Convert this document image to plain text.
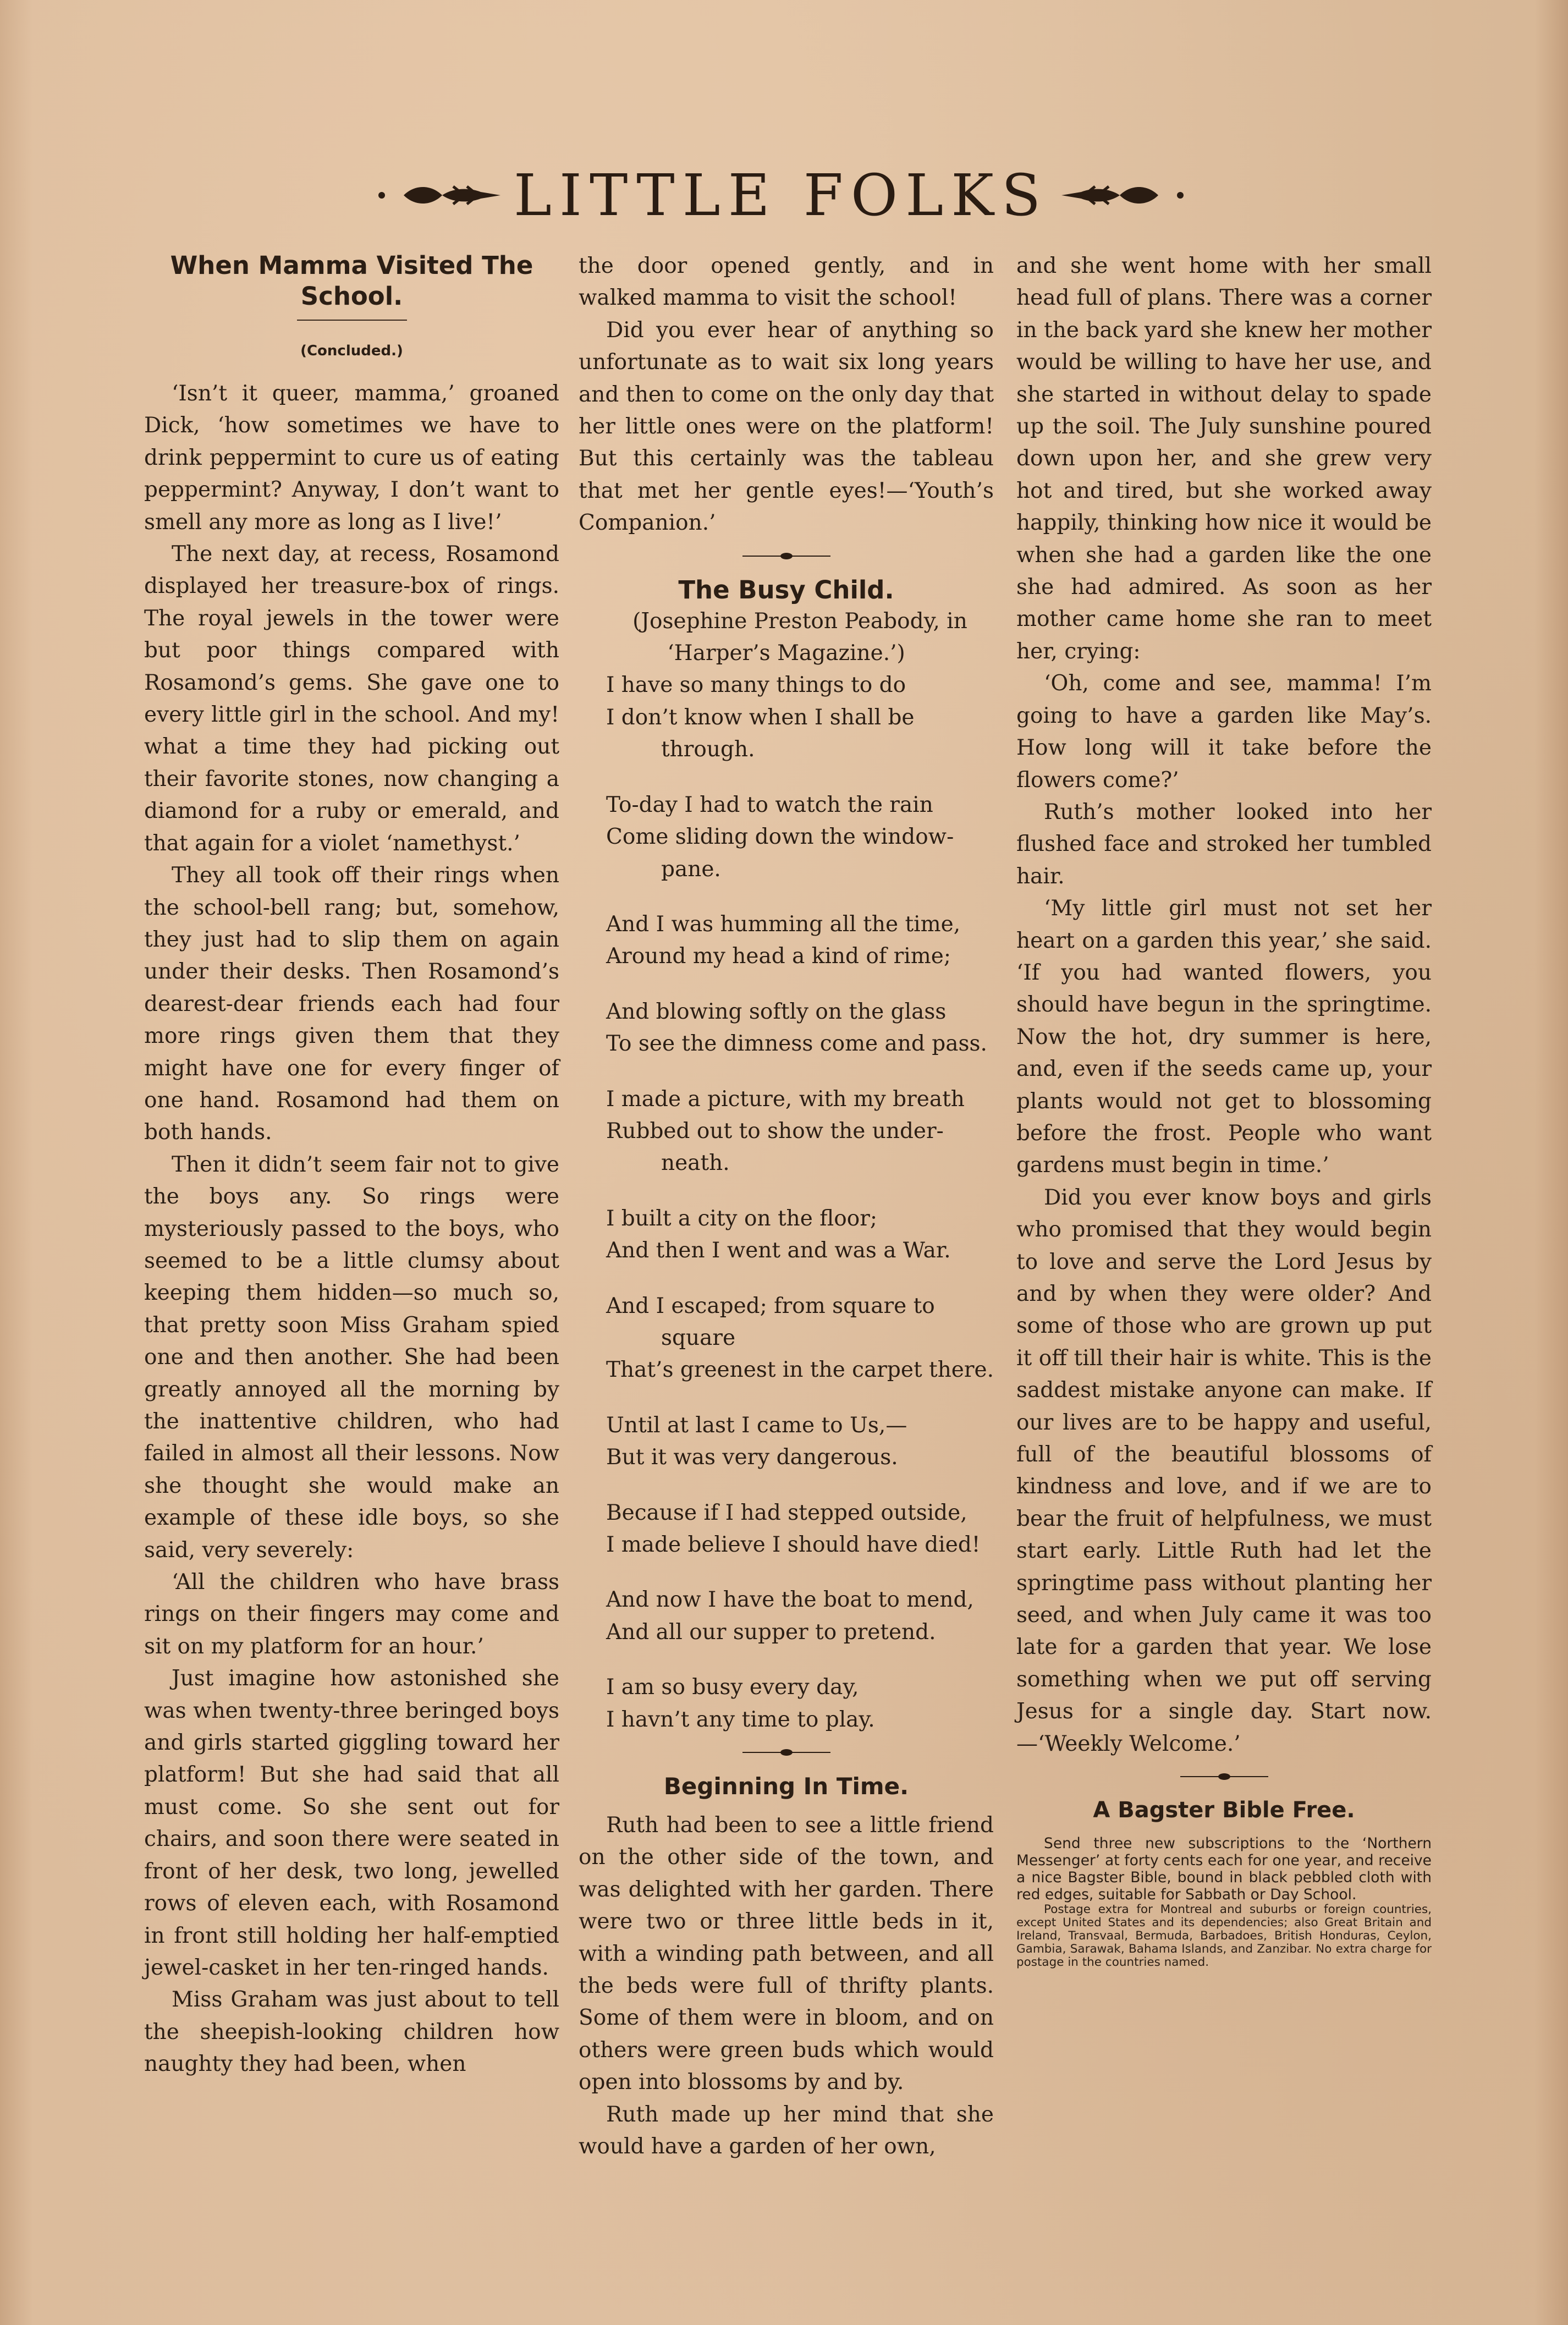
LITTLE FOLKS
When Mamma Visited The School.
(Concluded.)

‘Isn’t it queer, mamma,’ groaned Dick, ‘how sometimes we have to drink peppermint to cure us of eating peppermint? Anyway, I don’t want to smell any more as long as I live!’

The next day, at recess, Rosamond displayed her treasure-box of rings. The royal jewels in the tower were but poor things compared with Rosamond’s gems. She gave one to every little girl in the school. And my! what a time they had picking out their favorite stones, now changing a diamond for a ruby or emerald, and that again for a violet ‘namethyst.’

They all took off their rings when the school-bell rang; but, somehow, they just had to slip them on again under their desks. Then Rosamond’s dearest-dear friends each had four more rings given them that they might have one for every finger of one hand. Rosamond had them on both hands.

Then it didn’t seem fair not to give the boys any. So rings were mysteriously passed to the boys, who seemed to be a little clumsy about keeping them hidden—so much so, that pretty soon Miss Graham spied one and then another. She had been greatly annoyed all the morning by the inattentive children, who had failed in almost all their lessons. Now she thought she would make an example of these idle boys, so she said, very severely:

‘All the children who have brass rings on their fingers may come and sit on my platform for an hour.’

Just imagine how astonished she was when twenty-three beringed boys and girls started giggling toward her platform! But she had said that all must come. So she sent out for chairs, and soon there were seated in front of her desk, two long, jewelled rows of eleven each, with Rosamond in front still holding her half-emptied jewel-casket in her ten-ringed hands.

Miss Graham was just about to tell the sheepish-looking children how naughty they had been, when

the door opened gently, and in walked mamma to visit the school!

Did you ever hear of anything so unfortunate as to wait six long years and then to come on the only day that her little ones were on the platform! But this certainly was the tableau that met her gentle eyes!—‘Youth’s Companion.’

The Busy Child.

(Josephine Preston Peabody, in ‘Harper’s Magazine.’)

I have so many things to do

I don’t know when I shall be

through.

To-day I had to watch the rain

Come sliding down the window-

pane.

And I was humming all the time,

Around my head a kind of rime;

And blowing softly on the glass

To see the dimness come and pass.

I made a picture, with my breath

Rubbed out to show the under-

neath.

I built a city on the floor;

And then I went and was a War.

And I escaped; from square to

square

That’s greenest in the carpet there.

Until at last I came to Us,—

But it was very dangerous.

Because if I had stepped outside,

I made believe I should have died!

And now I have the boat to mend,

And all our supper to pretend.

I am so busy every day,

I havn’t any time to play.

Beginning In Time.

Ruth had been to see a little friend on the other side of the town, and was delighted with her garden. There were two or three little beds in it, with a winding path between, and all the beds were full of thrifty plants. Some of them were in bloom, and on others were green buds which would open into blossoms by and by.

Ruth made up her mind that she would have a garden of her own,

and she went home with her small head full of plans. There was a corner in the back yard she knew her mother would be willing to have her use, and she started in without delay to spade up the soil. The July sunshine poured down upon her, and she grew very hot and tired, but she worked away happily, thinking how nice it would be when she had a garden like the one she had admired. As soon as her mother came home she ran to meet her, crying:

‘Oh, come and see, mamma! I’m going to have a garden like May’s. How long will it take before the flowers come?’

Ruth’s mother looked into her flushed face and stroked her tumbled hair.

‘My little girl must not set her heart on a garden this year,’ she said. ‘If you had wanted flowers, you should have begun in the springtime. Now the hot, dry summer is here, and, even if the seeds came up, your plants would not get to blossoming before the frost. People who want gardens must begin in time.’

Did you ever know boys and girls who promised that they would begin to love and serve the Lord Jesus by and by when they were older? And some of those who are grown up put it off till their hair is white. This is the saddest mistake anyone can make. If our lives are to be happy and useful, full of the beautiful blossoms of kindness and love, and if we are to bear the fruit of helpfulness, we must start early. Little Ruth had let the springtime pass without planting her seed, and when July came it was too late for a garden that year. We lose something when we put off serving Jesus for a single day. Start now.—‘Weekly Welcome.’

A Bagster Bible Free.

Send three new subscriptions to the ‘Northern Messenger’ at forty cents each for one year, and receive a nice Bagster Bible, bound in black pebbled cloth with red edges, suitable for Sabbath or Day School.

Postage extra for Montreal and suburbs or foreign countries, except United States and its dependencies; also Great Britain and Ireland, Transvaal, Bermuda, Barbadoes, British Honduras, Ceylon, Gambia, Sarawak, Bahama Islands, and Zanzibar. No extra charge for postage in the countries named.
